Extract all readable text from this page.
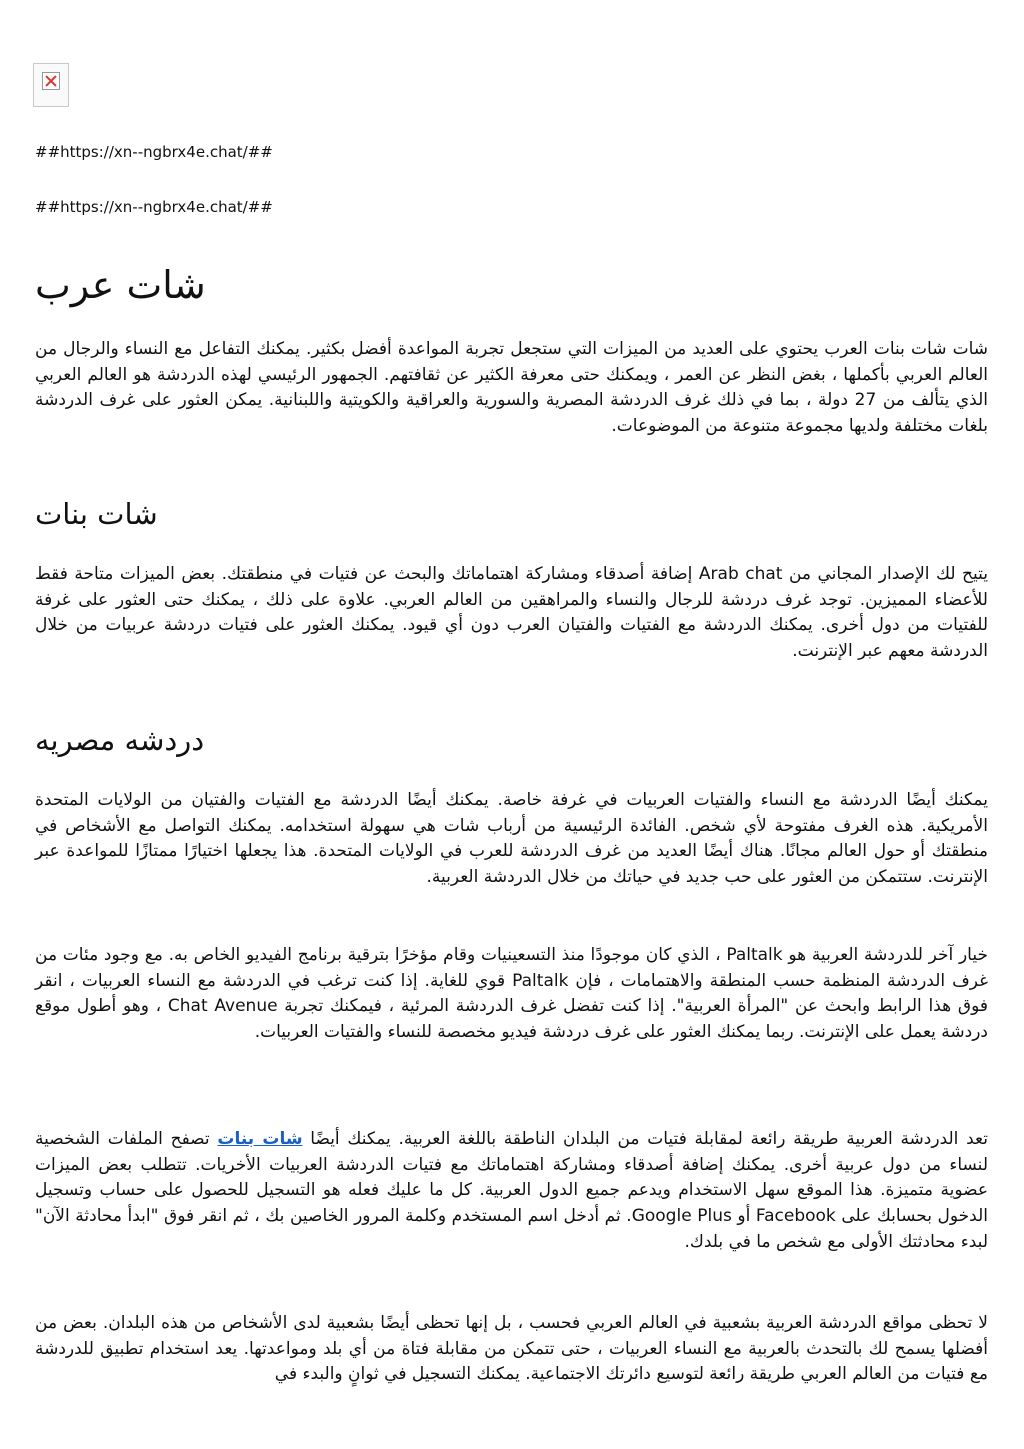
##https://xn--ngbrx4e.chat/##

##https://xn--ngbrx4e.chat/##

شات عرب

شات شات بنات العرب يحتوي على العديد من الميزات التي ستجعل تجربة المواعدة أفضل بكثير. يمكنك التفاعل مع النساء والرجال من العالم العربي بأكملها ، بغض النظر عن العمر ، ويمكنك حتى معرفة الكثير عن ثقافتهم. الجمهور الرئيسي لهذه الدردشة هو العالم العربي الذي يتألف من 27 دولة ، بما في ذلك غرف الدردشة المصرية والسورية والعراقية والكويتية واللبنانية. يمكن العثور على غرف الدردشة بلغات مختلفة ولديها مجموعة متنوعة من الموضوعات.

شات بنات

يتيح لك الإصدار المجاني من Arab chat إضافة أصدقاء ومشاركة اهتماماتك والبحث عن فتيات في منطقتك. بعض الميزات متاحة فقط للأعضاء المميزين. توجد غرف دردشة للرجال والنساء والمراهقين من العالم العربي. علاوة على ذلك ، يمكنك حتى العثور على غرفة للفتيات من دول أخرى. يمكنك الدردشة مع الفتيات والفتيان العرب دون أي قيود. يمكنك العثور على فتيات دردشة عربيات من خلال الدردشة معهم عبر الإنترنت.

دردشه مصريه

يمكنك أيضًا الدردشة مع النساء والفتيات العربيات في غرفة خاصة. يمكنك أيضًا الدردشة مع الفتيات والفتيان من الولايات المتحدة الأمريكية. هذه الغرف مفتوحة لأي شخص. الفائدة الرئيسية من أرباب شات هي سهولة استخدامه. يمكنك التواصل مع الأشخاص في منطقتك أو حول العالم مجانًا. هناك أيضًا العديد من غرف الدردشة للعرب في الولايات المتحدة. هذا يجعلها اختيارًا ممتازًا للمواعدة عبر الإنترنت. ستتمكن من العثور على حب جديد في حياتك من خلال الدردشة العربية.

خيار آخر للدردشة العربية هو Paltalk ، الذي كان موجودًا منذ التسعينيات وقام مؤخرًا بترقية برنامج الفيديو الخاص به. مع وجود مئات من غرف الدردشة المنظمة حسب المنطقة والاهتمامات ، فإن Paltalk قوي للغاية. إذا كنت ترغب في الدردشة مع النساء العربيات ، انقر فوق هذا الرابط وابحث عن "المرأة العربية". إذا كنت تفضل غرف الدردشة المرئية ، فيمكنك تجربة Chat Avenue ، وهو أطول موقع دردشة يعمل على الإنترنت. ربما يمكنك العثور على غرف دردشة فيديو مخصصة للنساء والفتيات العربيات.

تعد الدردشة العربية طريقة رائعة لمقابلة فتيات من البلدان الناطقة باللغة العربية. يمكنك أيضًا شات بنات تصفح الملفات الشخصية لنساء من دول عربية أخرى. يمكنك إضافة أصدقاء ومشاركة اهتماماتك مع فتيات الدردشة العربيات الأخريات. تتطلب بعض الميزات عضوية متميزة. هذا الموقع سهل الاستخدام ويدعم جميع الدول العربية. كل ما عليك فعله هو التسجيل للحصول على حساب وتسجيل الدخول بحسابك على Facebook أو Google Plus. ثم أدخل اسم المستخدم وكلمة المرور الخاصين بك ، ثم انقر فوق "ابدأ محادثة الآن" لبدء محادثتك الأولى مع شخص ما في بلدك.

لا تحظى مواقع الدردشة العربية بشعبية في العالم العربي فحسب ، بل إنها تحظى أيضًا بشعبية لدى الأشخاص من هذه البلدان. بعض من أفضلها يسمح لك بالتحدث بالعربية مع النساء العربيات ، حتى تتمكن من مقابلة فتاة من أي بلد ومواعدتها. يعد استخدام تطبيق للدردشة مع فتيات من العالم العربي طريقة رائعة لتوسيع دائرتك الاجتماعية. يمكنك التسجيل في ثوانٍ والبدء في
